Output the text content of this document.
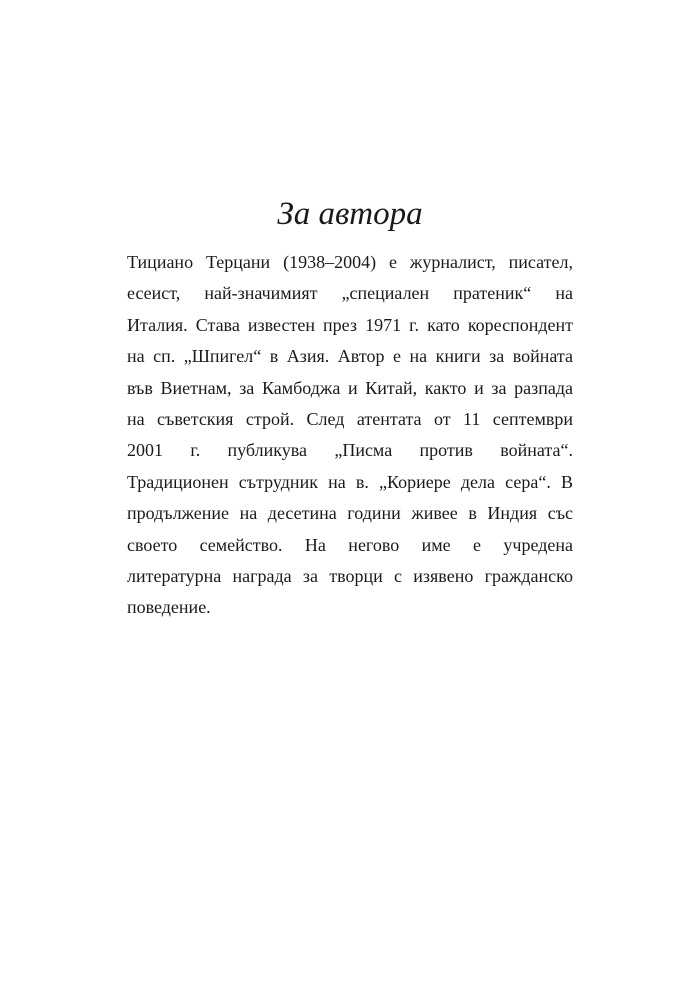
За автора
Тициано Терцани (1938–2004) е журналист, писател,
есеист, най-значимият „специален пратеник“ на
Италия. Става известен през 1971 г. като кореспондент
на сп. „Шпигел“ в Азия. Автор е на книги за войната
във Виетнам, за Камбоджа и Китай, както и за разпада
на съветския строй. След атентата от 11 септември
2001 г. публикува „Писма против войната“.
Традиционен сътрудник на в. „Кориере дела сера“. В
продължение на десетина години живее в Индия със
своето семейство. На негово име е учредена
литературна награда за творци с изявено гражданско
поведение.
